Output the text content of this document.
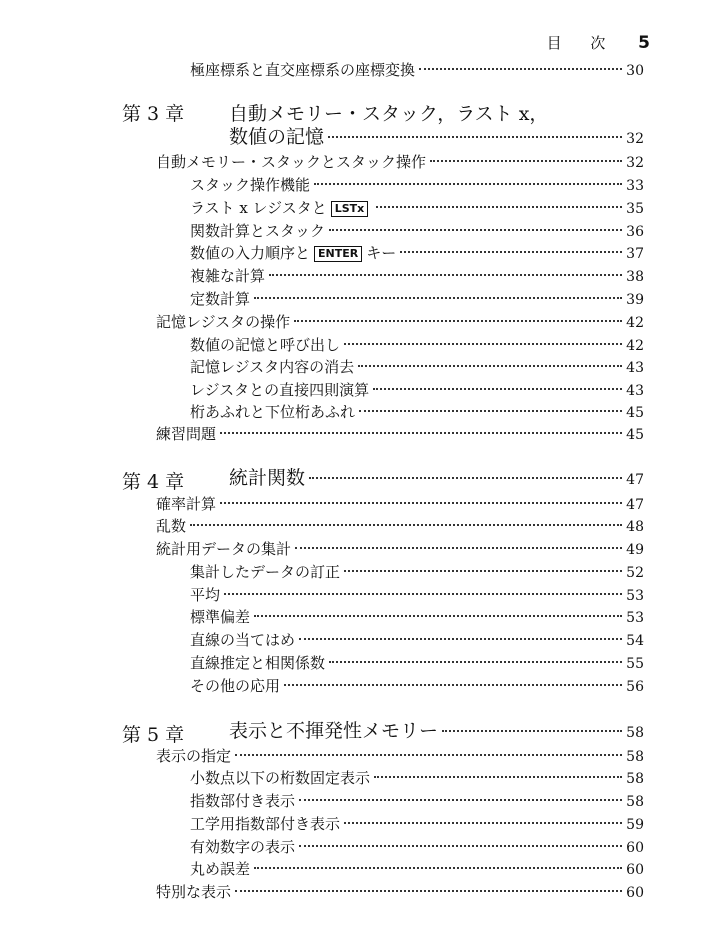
目 次 5
極座標系と直交座標系の座標変換	30
第 3 章 自動メモリー・スタック，ラスト x，
数値の記憶	32
自動メモリー・スタックとスタック操作	32
スタック操作機能	33
ラスト x レジスタと LSTx	35
関数計算とスタック	36
数値の入力順序と ENTER キー	37
複雑な計算	38
定数計算	39
記憶レジスタの操作	42
数値の記憶と呼び出し	42
記憶レジスタ内容の消去	43
レジスタとの直接四則演算	43
桁あふれと下位桁あふれ	45
練習問題	45
第 4 章 統計関数	47
確率計算	47
乱数	48
統計用データの集計	49
集計したデータの訂正	52
平均	53
標準偏差	53
直線の当てはめ	54
直線推定と相関係数	55
その他の応用	56
第 5 章 表示と不揮発性メモリー	58
表示の指定	58
小数点以下の桁数固定表示	58
指数部付き表示	58
工学用指数部付き表示	59
有効数字の表示	60
丸め誤差	60
特別な表示	60
